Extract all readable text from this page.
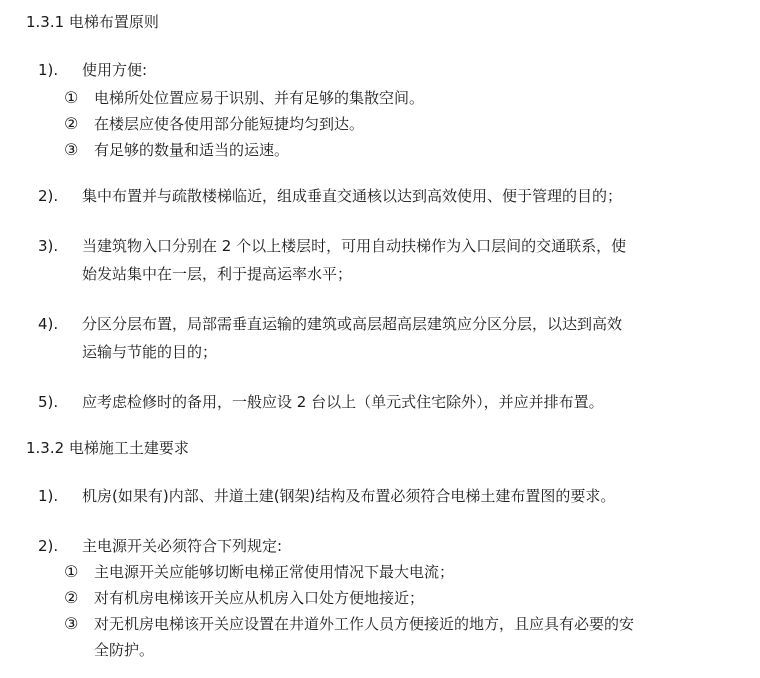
1.3.1 电梯布置原则
1).	使用方便:
① 电梯所处位置应易于识别、并有足够的集散空间。
② 在楼层应使各使用部分能短捷均匀到达。
③ 有足够的数量和适当的运速。
2).	集中布置并与疏散楼梯临近，组成垂直交通核以达到高效使用、便于管理的目的；
3).	当建筑物入口分别在 2 个以上楼层时，可用自动扶梯作为入口层间的交通联系，使
始发站集中在一层，利于提高运率水平；
4).	分区分层布置，局部需垂直运输的建筑或高层超高层建筑应分区分层，以达到高效
运输与节能的目的；
5).	应考虑检修时的备用，一般应设 2 台以上（单元式住宅除外），并应并排布置。
1.3.2 电梯施工土建要求
1).	机房(如果有)内部、井道土建(钢架)结构及布置必须符合电梯土建布置图的要求。
2).	主电源开关必须符合下列规定:
① 主电源开关应能够切断电梯正常使用情况下最大电流；
② 对有机房电梯该开关应从机房入口处方便地接近；
③ 对无机房电梯该开关应设置在井道外工作人员方便接近的地方，且应具有必要的安
全防护。
